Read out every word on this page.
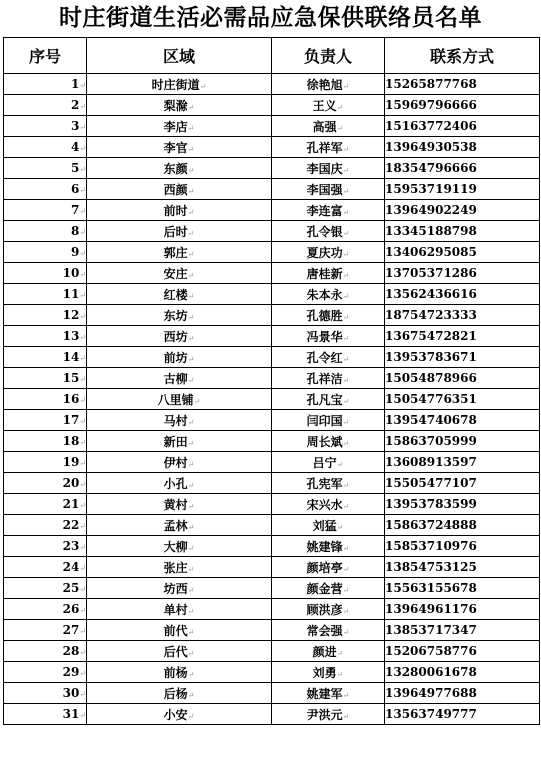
时庄街道生活必需品应急保供联络员名单
序号	区域	负责人	联系方式
1↵	时庄街道↵	徐艳旭↵	15265877768
2↵	梨滁↵	王义↵	15969796666
3↵	李店↵	高强↵	15163772406
4↵	李官↵	孔祥军↵	13964930538
5↵	东颜↵	李国庆↵	18354796666
6↵	西颜↵	李国强↵	15953719119
7↵	前时↵	李连富↵	13964902249
8↵	后时↵	孔令银↵	13345188798
9↵	郭庄↵	夏庆功↵	13406295085
10↵	安庄↵	唐桂新↵	13705371286
11↵	红楼↵	朱本永↵	13562436616
12↵	东坊↵	孔德胜↵	18754723333
13↵	西坊↵	冯景华↵	13675472821
14↵	前坊↵	孔令红↵	13953783671
15↵	古柳↵	孔祥洁↵	15054878966
16↵	八里铺↵	孔凡宝↵	15054776351
17↵	马村↵	闫印国↵	13954740678
18↵	新田↵	周长斌↵	15863705999
19↵	伊村↵	吕宁↵	13608913597
20↵	小孔↵	孔宪军↵	15505477107
21↵	黄村↵	宋兴水↵	13953783599
22↵	孟林↵	刘猛↵	15863724888
23↵	大柳↵	姚建锋↵	15853710976
24↵	张庄↵	颜培亭↵	13854753125
25↵	坊西↵	颜金营↵	15563155678
26↵	单村↵	顾洪彦↵	13964961176
27↵	前代↵	常会强↵	13853717347
28↵	后代↵	颜进↵	15206758776
29↵	前杨↵	刘勇↵	13280061678
30↵	后杨↵	姚建军↵	13964977688
31↵	小安↵	尹洪元↵	13563749777
